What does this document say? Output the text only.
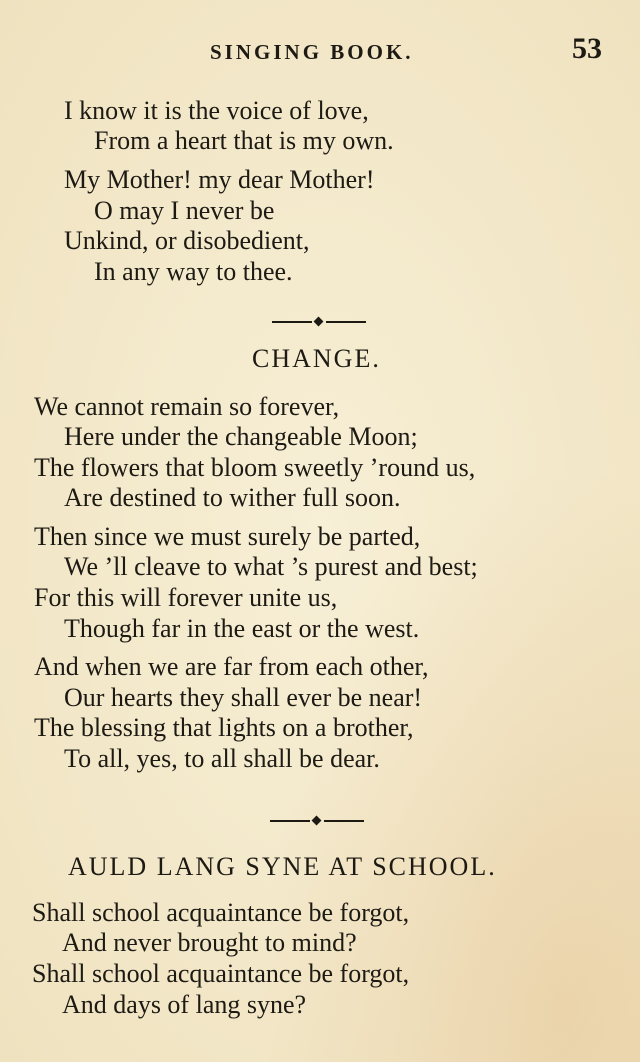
SINGING BOOK.	53
I know it is the voice of love,
From a heart that is my own.
My Mother! my dear Mother!
O may I never be
Unkind, or disobedient,
In any way to thee.
CHANGE.
We cannot remain so forever,
Here under the changeable Moon;
The flowers that bloom sweetly ’round us,
Are destined to wither full soon.
Then since we must surely be parted,
We ’ll cleave to what ’s purest and best;
For this will forever unite us,
Though far in the east or the west.
And when we are far from each other,
Our hearts they shall ever be near!
The blessing that lights on a brother,
To all, yes, to all shall be dear.
AULD LANG SYNE AT SCHOOL.
Shall school acquaintance be forgot,
And never brought to mind?
Shall school acquaintance be forgot,
And days of lang syne?
